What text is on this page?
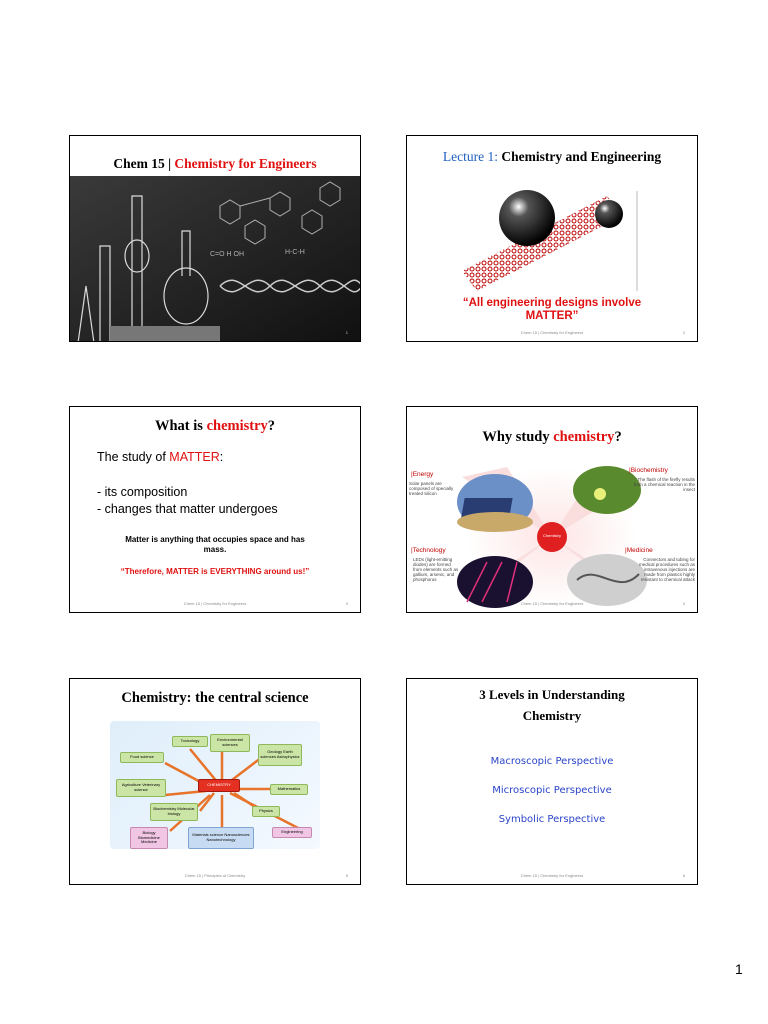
Chem 15 | Chemistry for Engineers
C=O H OH	H-C-H
1
Lecture 1: Chemistry and Engineering
“All engineering designs involve
MATTER”
Chem 15 | Chemistry for Engineers	2
What is chemistry?
The study of MATTER:
- its composition
- changes that matter undergoes
Matter is anything that occupies space and has
mass.
“Therefore, MATTER is EVERYTHING around us!”
Chem 15 | Chemistry for Engineers	3
Why study chemistry?
Chemistry
|Energy
Solar panels are composed of specially treated silicon
|Biochemistry
The flash of the firefly results from a chemical reaction in the insect
|Technology
LEDs (light-emitting diodes) are formed from elements such as gallium, arsenic, and phosphorus
|Medicine
Connectors and tubing for medical procedures such as intravenous injections are made from plastics highly resistant to chemical attack
Chem 15 | Chemistry for Engineers	4
Chemistry: the central science
Toxicology	Environmental sciences
Geology Earth sciences Astrophysics
Food science
CHEMISTRY
Mathematics
Agriculture Veterinary science
Physics
Biochemistry Molecular biology
Engineering
Biology Biomedicine Medicine
Materials science Nanosciences Nanotechnology
Chem 15 | Principles of Chemistry	5
3 Levels in Understanding
Chemistry
Macroscopic Perspective
Microscopic Perspective
Symbolic Perspective
Chem 15 | Chemistry for Engineers	6
1
